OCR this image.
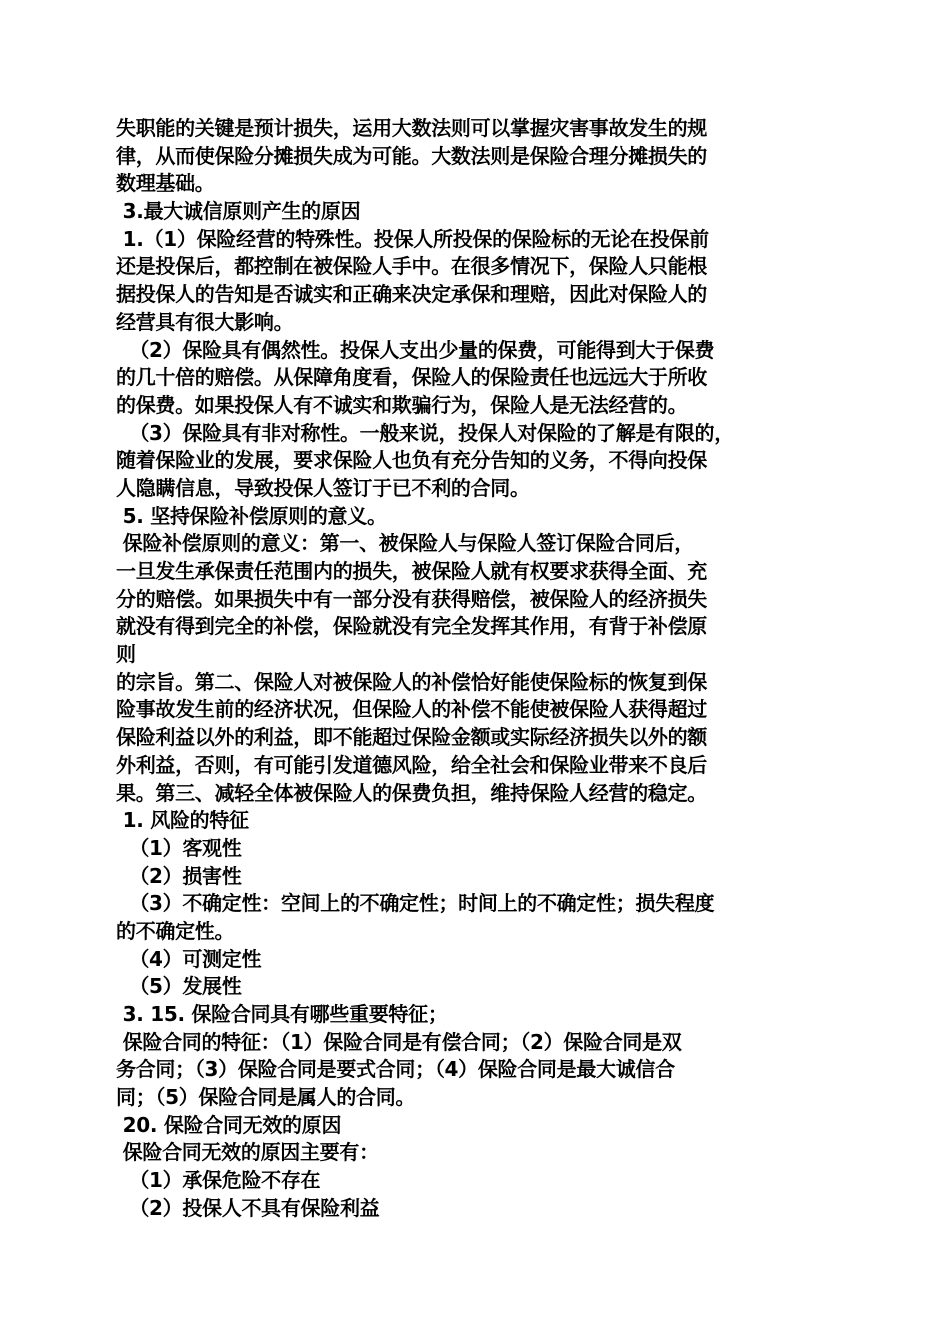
失职能的关键是预计损失，运用大数法则可以掌握灾害事故发生的规
律，从而使保险分摊损失成为可能。大数法则是保险合理分摊损失的
数理基础。
3.最大诚信原则产生的原因
1.（1）保险经营的特殊性。投保人所投保的保险标的无论在投保前
还是投保后，都控制在被保险人手中。在很多情况下，保险人只能根
据投保人的告知是否诚实和正确来决定承保和理赔，因此对保险人的
经营具有很大影响。
（2）保险具有偶然性。投保人支出少量的保费，可能得到大于保费
的几十倍的赔偿。从保障角度看，保险人的保险责任也远远大于所收
的保费。如果投保人有不诚实和欺骗行为，保险人是无法经营的。
（3）保险具有非对称性。一般来说，投保人对保险的了解是有限的，
随着保险业的发展，要求保险人也负有充分告知的义务，不得向投保
人隐瞒信息，导致投保人签订于已不利的合同。
5. 坚持保险补偿原则的意义。
保险补偿原则的意义：第一、被保险人与保险人签订保险合同后，
一旦发生承保责任范围内的损失，被保险人就有权要求获得全面、充
分的赔偿。如果损失中有一部分没有获得赔偿，被保险人的经济损失
就没有得到完全的补偿，保险就没有完全发挥其作用，有背于补偿原
则
的宗旨。第二、保险人对被保险人的补偿恰好能使保险标的恢复到保
险事故发生前的经济状况，但保险人的补偿不能使被保险人获得超过
保险利益以外的利益，即不能超过保险金额或实际经济损失以外的额
外利益，否则，有可能引发道德风险，给全社会和保险业带来不良后
果。第三、减轻全体被保险人的保费负担，维持保险人经营的稳定。
1. 风险的特征
（1）客观性
（2）损害性
（3）不确定性：空间上的不确定性；时间上的不确定性；损失程度
的不确定性。
（4）可测定性
（5）发展性
3. 15. 保险合同具有哪些重要特征；
保险合同的特征：（1）保险合同是有偿合同；（2）保险合同是双
务合同；（3）保险合同是要式合同；（4）保险合同是最大诚信合
同；（5）保险合同是属人的合同。
20. 保险合同无效的原因
保险合同无效的原因主要有：
（1）承保危险不存在
（2）投保人不具有保险利益
